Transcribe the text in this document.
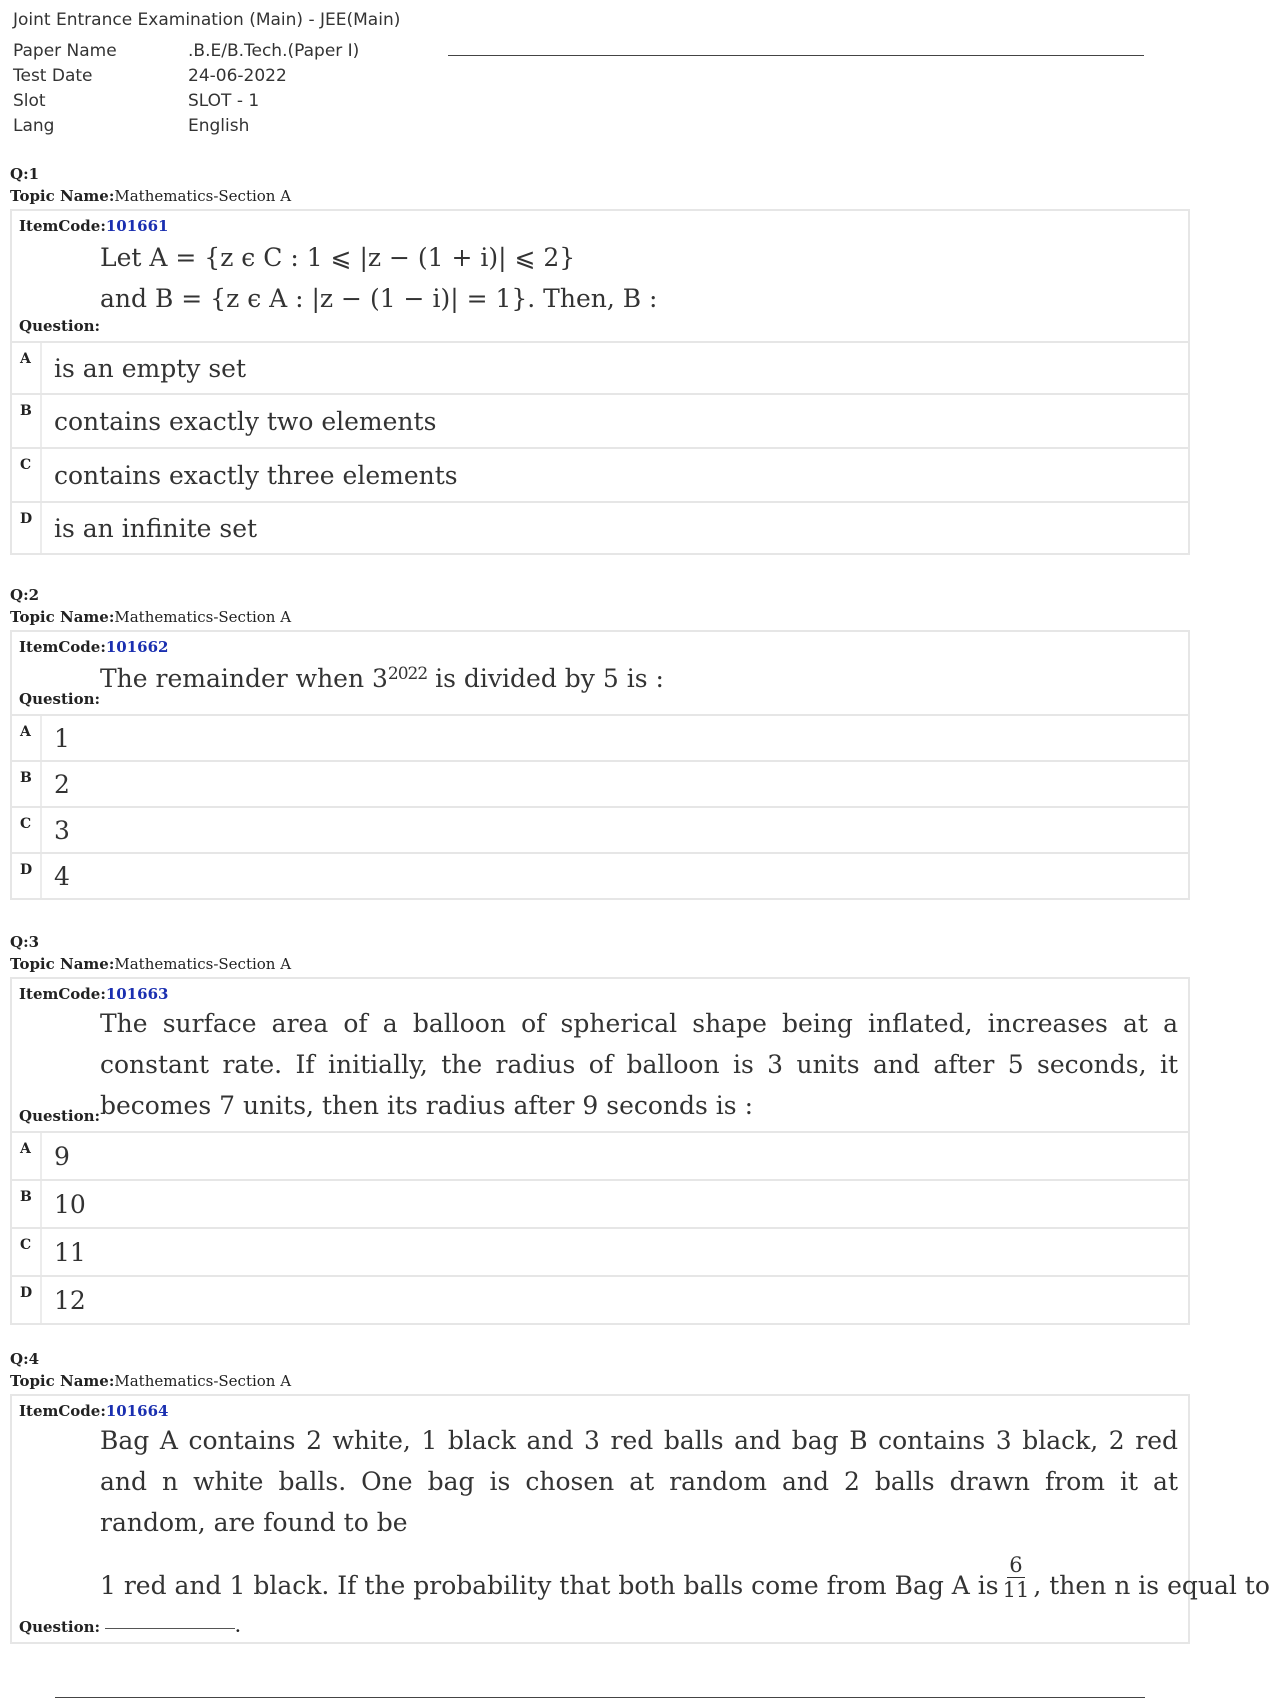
Joint Entrance Examination (Main) - JEE(Main)
Paper Name	.B.E/B.Tech.(Paper I)
Test Date	24-06-2022
Slot	SLOT - 1
Lang	English
Q:1
Topic Name:Mathematics-Section A
ItemCode:101661
Let A = {z ϵ C : 1 ⩽ |z − (1 + i)| ⩽ 2}
and B = {z ϵ A : |z − (1 − i)| = 1}. Then, B :
Question:
A is an empty set
B contains exactly two elements
C contains exactly three elements
D is an infinite set
Q:2
Topic Name:Mathematics-Section A
ItemCode:101662
The remainder when $3^{2022}$ is divided by 5 is :
Question:
A 1
B 2
C 3
D 4
Q:3
Topic Name:Mathematics-Section A
ItemCode:101663
The surface area of a balloon of spherical shape being inflated, increases at a constant rate. If initially, the radius of balloon is 3 units and after 5 seconds, it becomes 7 units, then its radius after 9 seconds is :
Question:
A 9
B 10
C 11
D 12
Q:4
Topic Name:Mathematics-Section A
ItemCode:101664
Bag A contains 2 white, 1 black and 3 red balls and bag B contains 3 black, 2 red and n white balls. One bag is chosen at random and 2 balls drawn from it at random, are found to be
1 red and 1 black. If the probability that both balls come from Bag A is $\frac{6}{11}$ , then n is equal to
Question:	.
